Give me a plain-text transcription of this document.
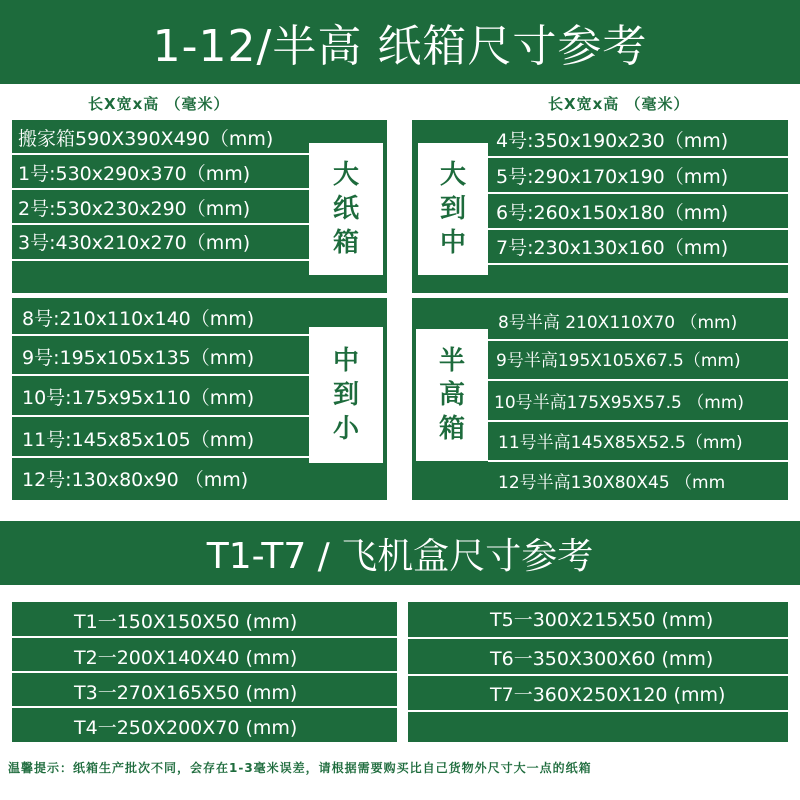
1-12/半高 纸箱尺寸参考
长X宽x高 （毫米）	长X宽x高 （毫米）
搬家箱590X390X490（mm)
1号:530x290x370（mm)
2号:530x230x290（mm)
3号:430x210x270（mm)
大
纸
箱
4号:350x190x230（mm)
5号:290x170x190（mm)
6号:260x150x180（mm)
7号:230x130x160（mm)
大
到
中
8号:210x110x140（mm)
9号:195x105x135（mm)
10号:175x95x110（mm)
11号:145x85x105（mm)
12号:130x80x90 （mm)
中
到
小
8号半高 210X110X70 （mm)
9号半高195X105X67.5（mm)
10号半高175X95X57.5 （mm)
11号半高145X85X52.5（mm)
12号半高130X80X45 （mm
半
高
箱
T1-T7 / 飞机盒尺寸参考
T1一150X150X50 (mm)
T2一200X140X40 (mm)
T3一270X165X50 (mm)
T4一250X200X70 (mm)
T5一300X215X50 (mm)
T6一350X300X60 (mm)
T7一360X250X120 (mm)
温馨提示：纸箱生产批次不同，会存在1-3毫米误差，请根据需要购买比自己货物外尺寸大一点的纸箱
